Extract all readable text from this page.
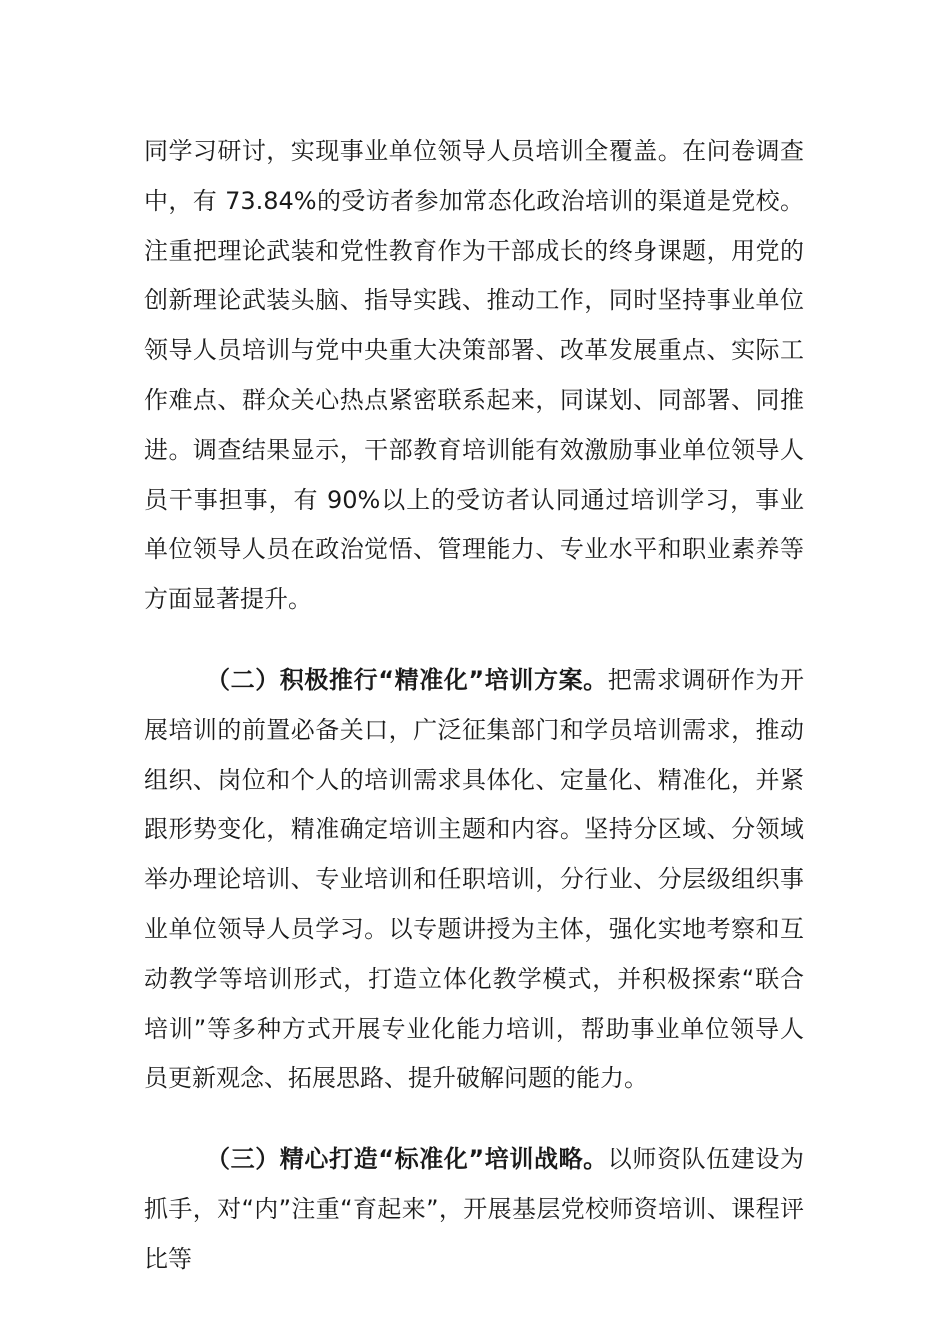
同学习研讨，实现事业单位领导人员培训全覆盖。在问卷调查中，有 73.84%的受访者参加常态化政治培训的渠道是党校。注重把理论武装和党性教育作为干部成长的终身课题，用党的创新理论武装头脑、指导实践、推动工作，同时坚持事业单位领导人员培训与党中央重大决策部署、改革发展重点、实际工作难点、群众关心热点紧密联系起来，同谋划、同部署、同推进。调查结果显示，干部教育培训能有效激励事业单位领导人员干事担事，有 90%以上的受访者认同通过培训学习，事业单位领导人员在政治觉悟、管理能力、专业水平和职业素养等方面显著提升。

（二）积极推行“精准化”培训方案。把需求调研作为开展培训的前置必备关口，广泛征集部门和学员培训需求，推动组织、岗位和个人的培训需求具体化、定量化、精准化，并紧跟形势变化，精准确定培训主题和内容。坚持分区域、分领域举办理论培训、专业培训和任职培训，分行业、分层级组织事业单位领导人员学习。以专题讲授为主体，强化实地考察和互动教学等培训形式，打造立体化教学模式，并积极探索“联合培训”等多种方式开展专业化能力培训，帮助事业单位领导人员更新观念、拓展思路、提升破解问题的能力。

（三）精心打造“标准化”培训战略。以师资队伍建设为抓手，对“内”注重“育起来”，开展基层党校师资培训、课程评比等
